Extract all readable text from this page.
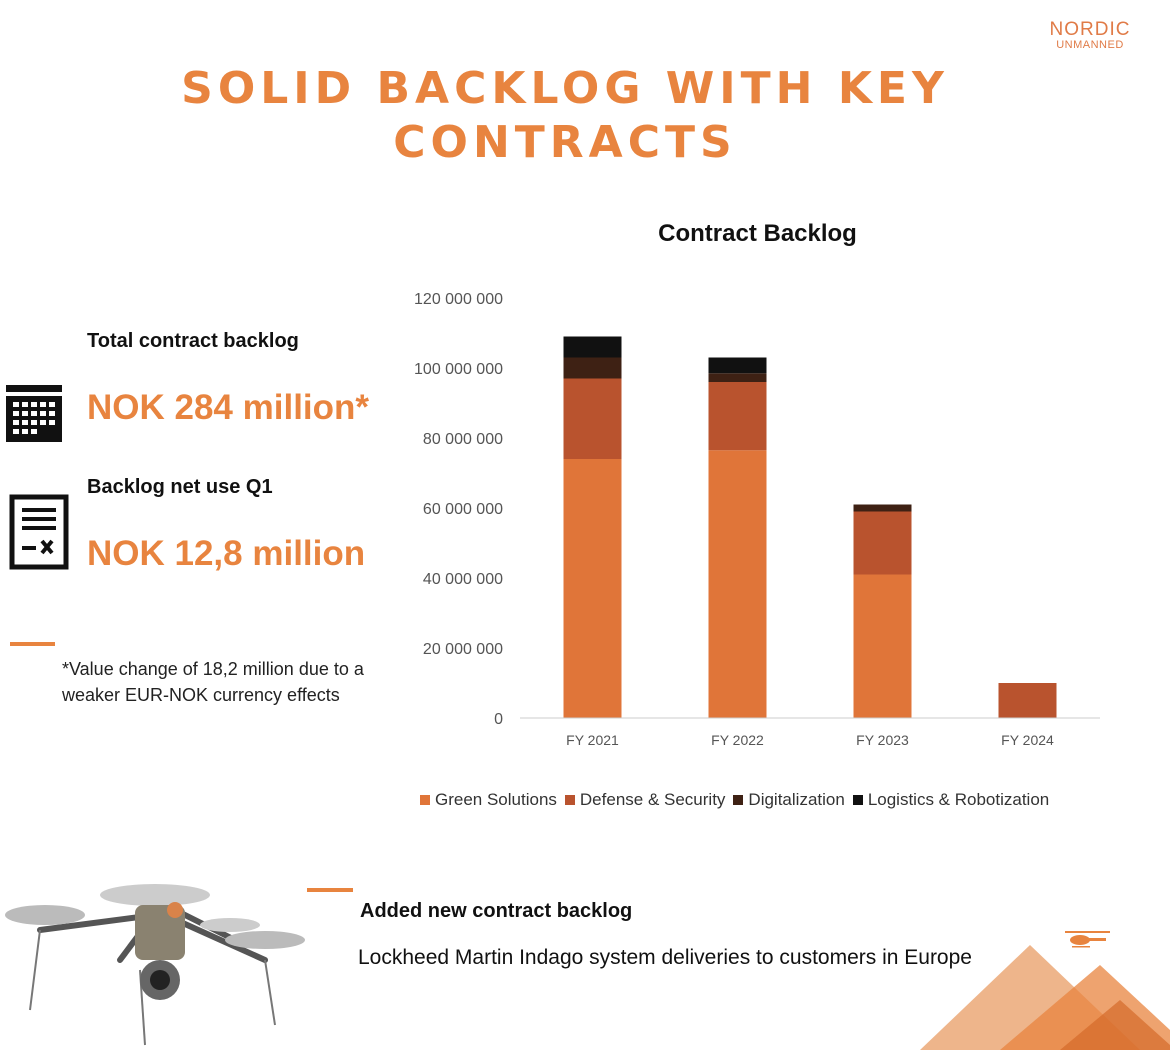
NORDIC
UNMANNED
SOLID BACKLOG WITH KEY CONTRACTS
Total contract backlog
NOK 284 million*
Backlog net use Q1
NOK 12,8 million
*Value change of 18,2 million due to a weaker EUR-NOK currency effects
Contract Backlog
120 000 000
100 000 000
80 000 000
60 000 000
40 000 000
20 000 000
0
FY 2021	FY 2022	FY 2023	FY 2024
Green Solutions Defense & Security Digitalization Logistics & Robotization
Added new contract backlog
Lockheed Martin Indago system deliveries to customers in Europe
